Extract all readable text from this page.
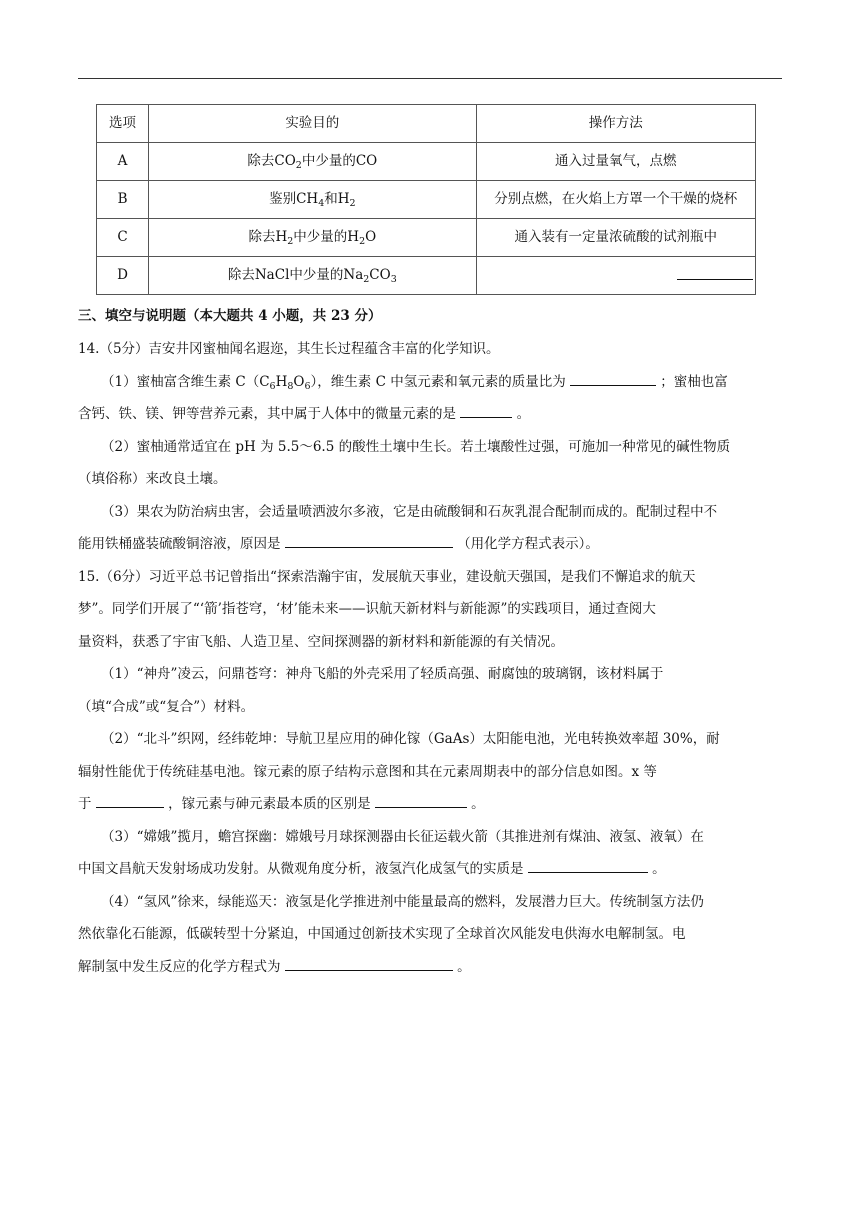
选项	实验目的	操作方法
A	除去$CO_2$中少量的CO	通入过量氧气，点燃
B	鉴别$CH_4$和$H_2$	分别点燃，在火焰上方罩一个干燥的烧杯
C	除去$H_2$中少量的$H_2O$	通入装有一定量浓硫酸的试剂瓶中
D	除去NaCl中少量的$Na_2CO_3$	
三、填空与说明题（本大题共 4 小题，共 23 分）
14.（5分）吉安井冈蜜柚闻名遐迩，其生长过程蕴含丰富的化学知识。
（1）蜜柚富含维生素 $C(C_6H_8O_6)$，维生素 C 中氢元素和氧元素的质量比为	；蜜柚也富
含钙、铁、镁、钾等营养元素，其中属于人体中的微量元素的是	。
（2）蜜柚通常适宜在 pH 为 5.5～6.5 的酸性土壤中生长。若土壤酸性过强，可施加一种常见的碱性物质
（填俗称）来改良土壤。
（3）果农为防治病虫害，会适量喷洒波尔多液，它是由硫酸铜和石灰乳混合配制而成的。配制过程中不
能用铁桶盛装硫酸铜溶液，原因是	（用化学方程式表示）。
15.（6分）习近平总书记曾指出“探索浩瀚宇宙，发展航天事业，建设航天强国，是我们不懈追求的航天
梦”。同学们开展了“‘箭’指苍穹，‘材’能未来——识航天新材料与新能源”的实践项目，通过查阅大
量资料，获悉了宇宙飞船、人造卫星、空间探测器的新材料和新能源的有关情况。
（1）“神舟”凌云，问鼎苍穹：神舟飞船的外壳采用了轻质高强、耐腐蚀的玻璃钢，该材料属于
（填“合成”或“复合”）材料。
（2）“北斗”织网，经纬乾坤：导航卫星应用的砷化镓（GaAs）太阳能电池，光电转换效率超 30%，耐
辐射性能优于传统硅基电池。镓元素的原子结构示意图和其在元素周期表中的部分信息如图。x 等
于	，镓元素与砷元素最本质的区别是	。
（3）“嫦娥”揽月，蟾宫探幽：嫦娥号月球探测器由长征运载火箭（其推进剂有煤油、液氢、液氧）在
中国文昌航天发射场成功发射。从微观角度分析，液氢汽化成氢气的实质是	。
（4）“氢风”徐来，绿能巡天：液氢是化学推进剂中能量最高的燃料，发展潜力巨大。传统制氢方法仍
然依靠化石能源，低碳转型十分紧迫，中国通过创新技术实现了全球首次风能发电供海水电解制氢。电
解制氢中发生反应的化学方程式为	。
